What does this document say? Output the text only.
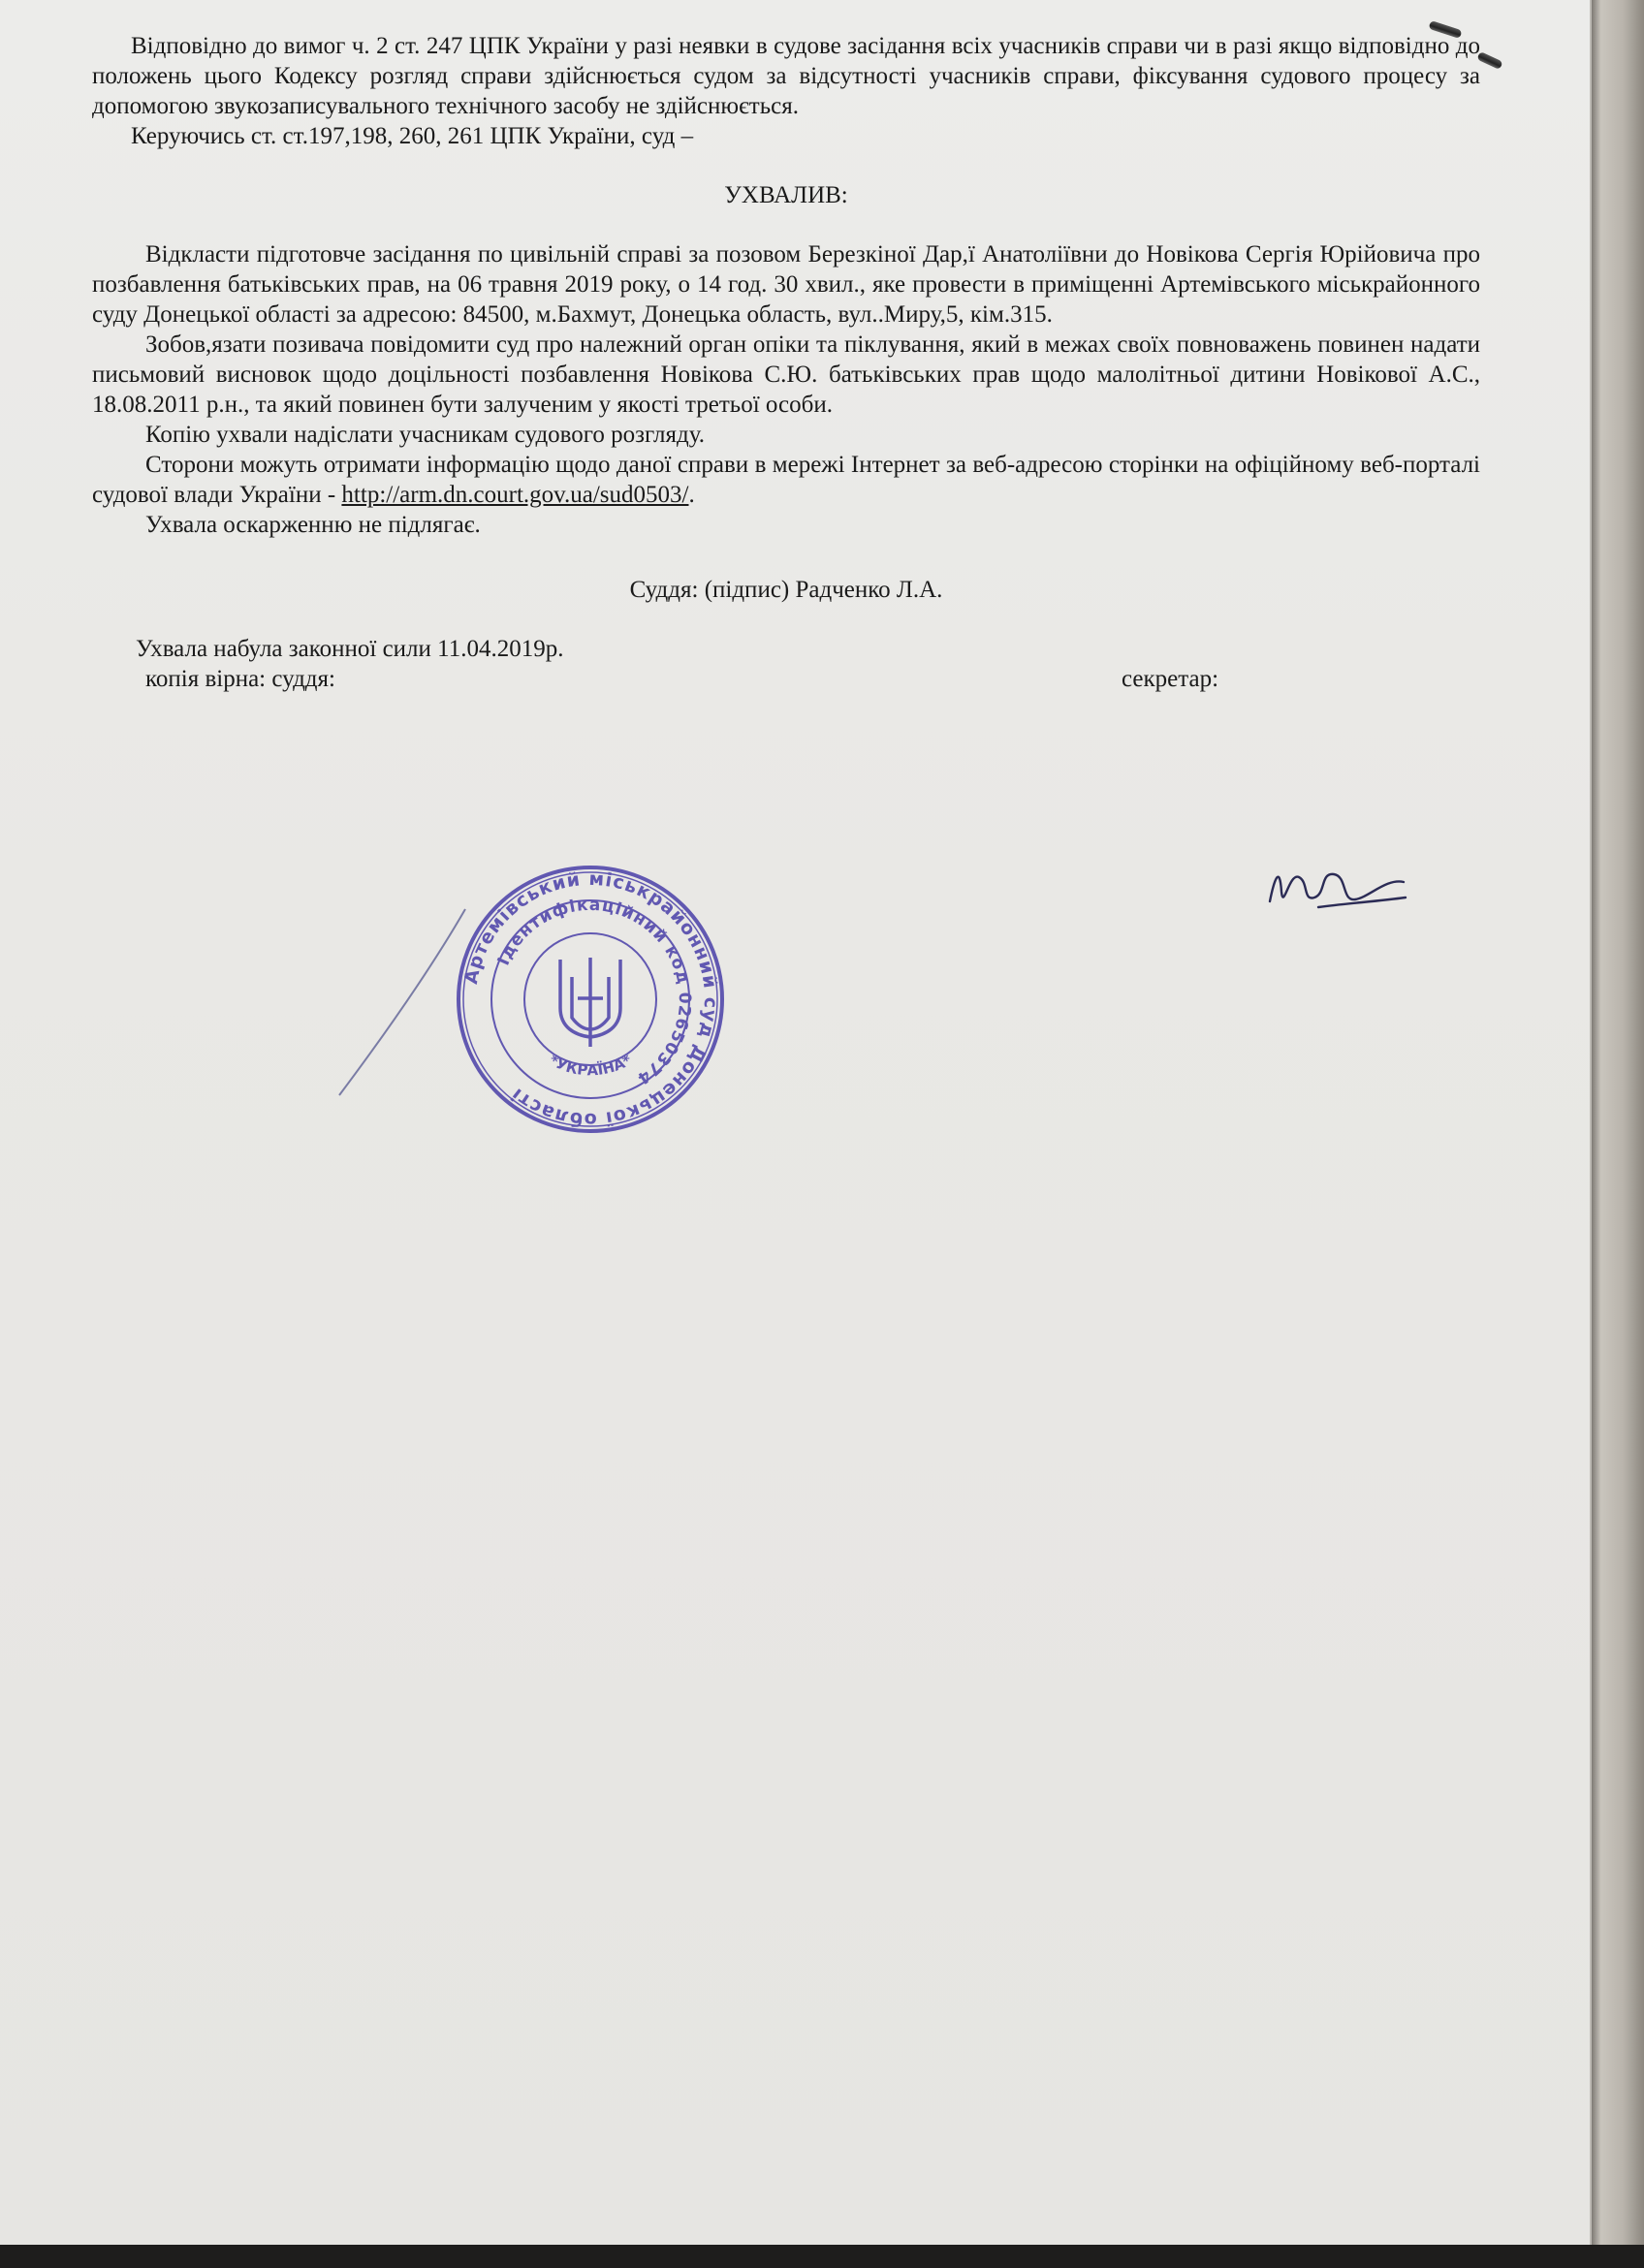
Відповідно до вимог ч. 2 ст. 247 ЦПК України у разі неявки в судове засідання всіх учасників справи чи в разі якщо відповідно до положень цього Кодексу розгляд справи здійснюється судом за відсутності учасників справи, фіксування судового процесу за допомогою звукозаписувального технічного засобу не здійснюється.

Керуючись ст. ст.197,198, 260, 261 ЦПК України, суд –

УХВАЛИВ:

Відкласти підготовче засідання по цивільній справі за позовом Березкіної Дар,ї Анатоліївни до Новікова Сергія Юрійовича про позбавлення батьківських прав, на 06 травня 2019 року, о 14 год. 30 хвил., яке провести в приміщенні Артемівського міськрайонного суду Донецької області за адресою: 84500, м.Бахмут, Донецька область, вул..Миру,5, кім.315.

Зобов,язати позивача повідомити суд про належний орган опіки та піклування, який в межах своїх повноважень повинен надати письмовий висновок щодо доцільності позбавлення Новікова С.Ю. батьківських прав щодо малолітньої дитини Новікової А.С., 18.08.2011 р.н., та який повинен бути залученим у якості третьої особи.

Копію ухвали надіслати учасникам судового розгляду.

Сторони можуть отримати інформацію щодо даної справи в мережі Інтернет за веб-адресою сторінки на офіційному веб-порталі судової влади України - http://arm.dn.court.gov.ua/sud0503/.

Ухвала оскарженню не підлягає.

Суддя: (підпис) Радченко Л.А.

Ухвала набула законної сили 11.04.2019р.

копія вірна: суддя:	секретар:
Артемівський міськрайонний суд Донецької області
Ідентифікаційний код 02650374
*УКРАЇНА*
